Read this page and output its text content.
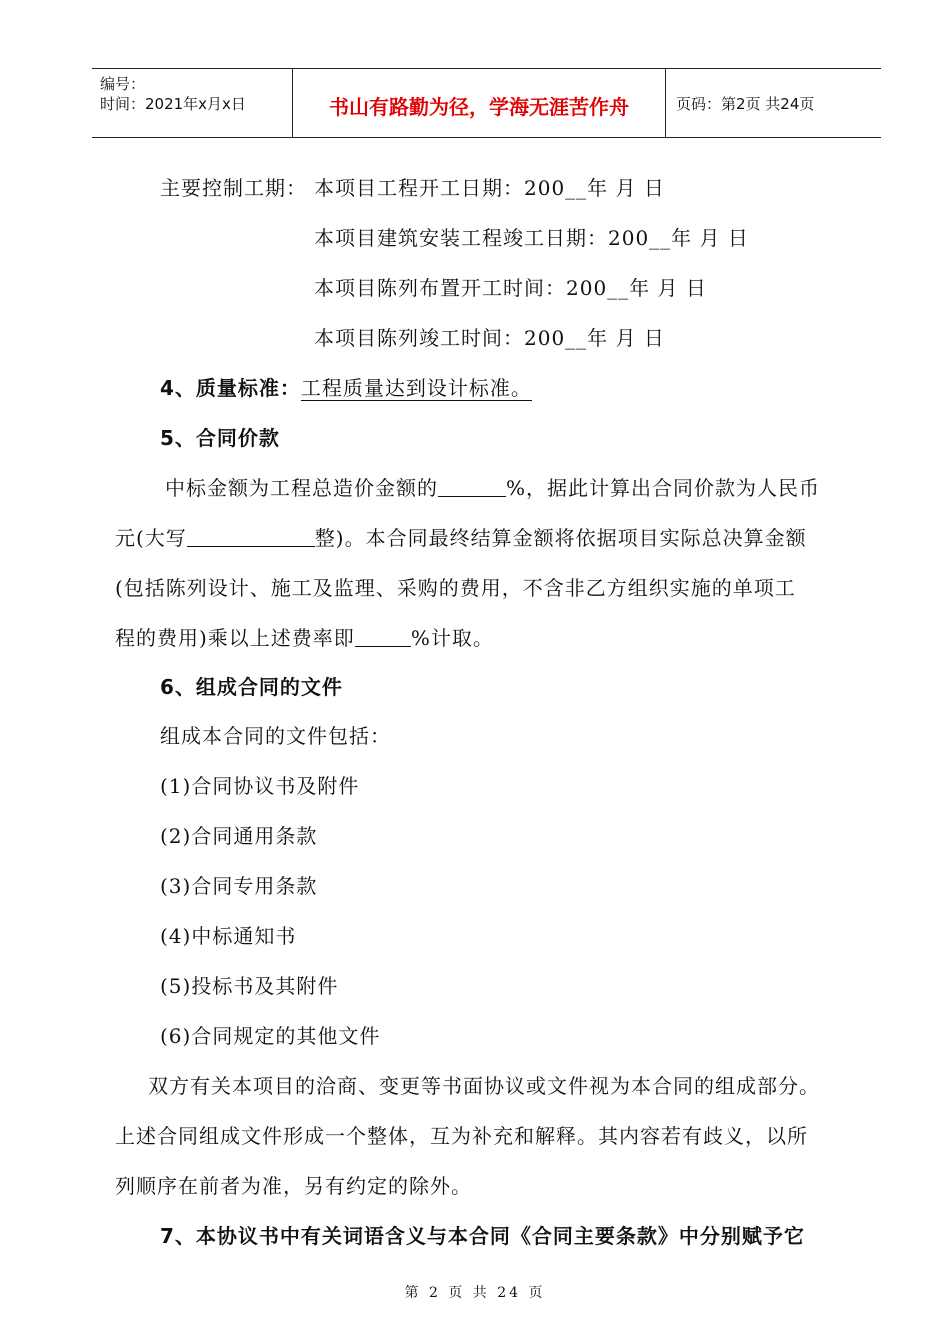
编号：
时间：2021年x月x日	书山有路勤为径，学海无涯苦作舟	页码：第2页 共24页
主要控制工期： 本项目工程开工日期：200__年 月 日
本项目建筑安装工程竣工日期：200__年 月 日
本项目陈列布置开工时间：200__年 月 日
本项目陈列竣工时间：200__年 月 日
4、质量标准：工程质量达到设计标准。
5、合同价款
中标金额为工程总造价金额的	%，据此计算出合同价款为人民币
元(大写	整)。本合同最终结算金额将依据项目实际总决算金额
(包括陈列设计、施工及监理、采购的费用，不含非乙方组织实施的单项工
程的费用)乘以上述费率即	%计取。
6、组成合同的文件
组成本合同的文件包括：
(1)合同协议书及附件
(2)合同通用条款
(3)合同专用条款
(4)中标通知书
(5)投标书及其附件
(6)合同规定的其他文件
双方有关本项目的洽商、变更等书面协议或文件视为本合同的组成部分。
上述合同组成文件形成一个整体，互为补充和解释。其内容若有歧义，以所
列顺序在前者为准，另有约定的除外。
7、本协议书中有关词语含义与本合同《合同主要条款》中分别赋予它
第 2 页 共 24 页
